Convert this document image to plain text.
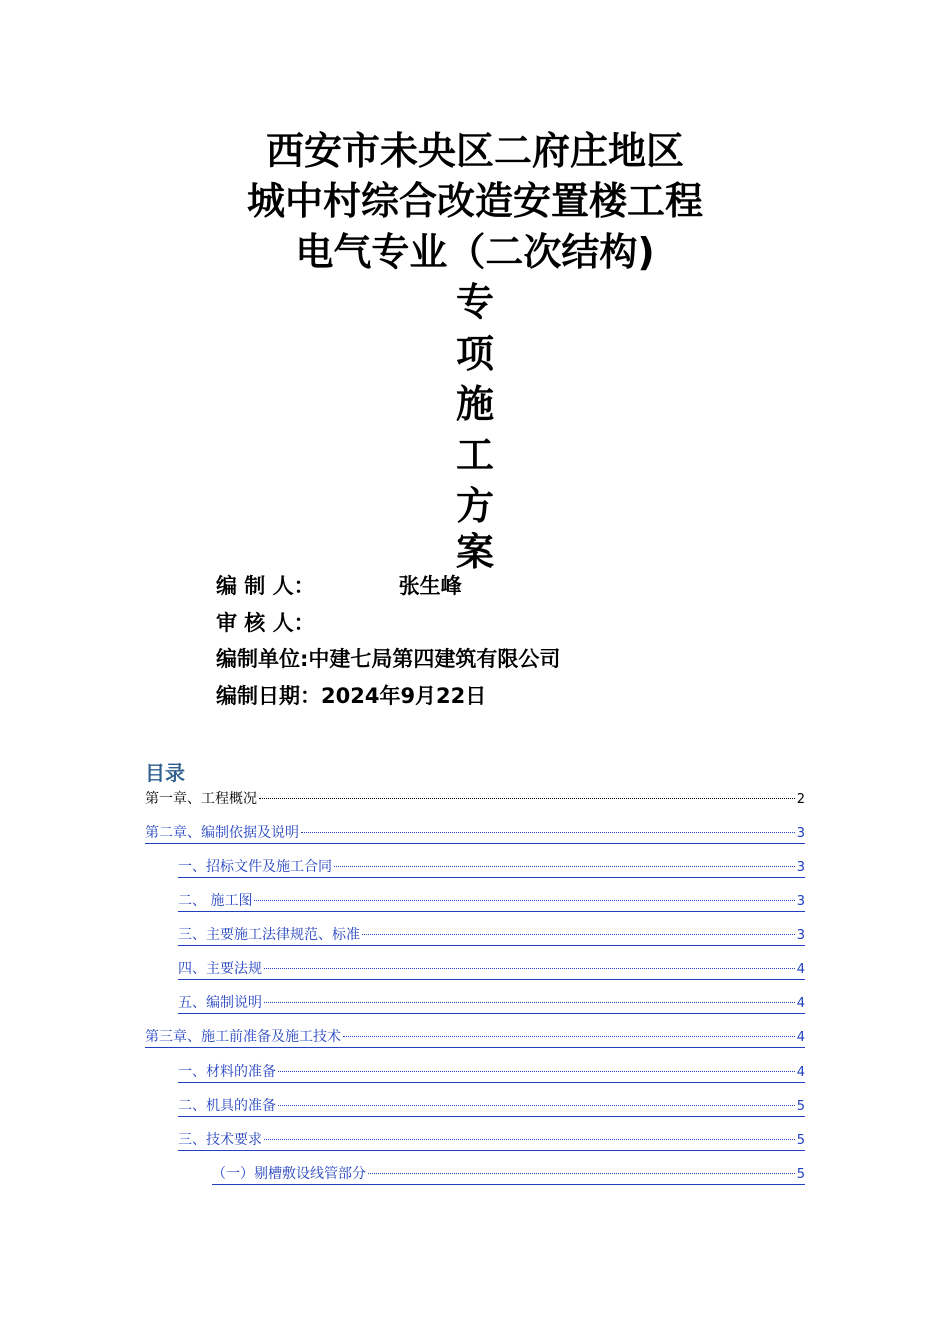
西安市未央区二府庄地区
城中村综合改造安置楼工程
电气专业（二次结构)
专
项
施
工
方
案
编 制 人：	张生峰
审 核 人：
编制单位:中建七局第四建筑有限公司
编制日期：2024年9月22日
目录
第一章、工程概况	2
第二章、编制依据及说明	3
一、招标文件及施工合同	3
二、 施工图	3
三、主要施工法律规范、标准	3
四、主要法规	4
五、编制说明	4
第三章、施工前准备及施工技术	4
一、材料的准备	4
二、机具的准备	5
三、技术要求	5
（一）剔槽敷设线管部分	5
